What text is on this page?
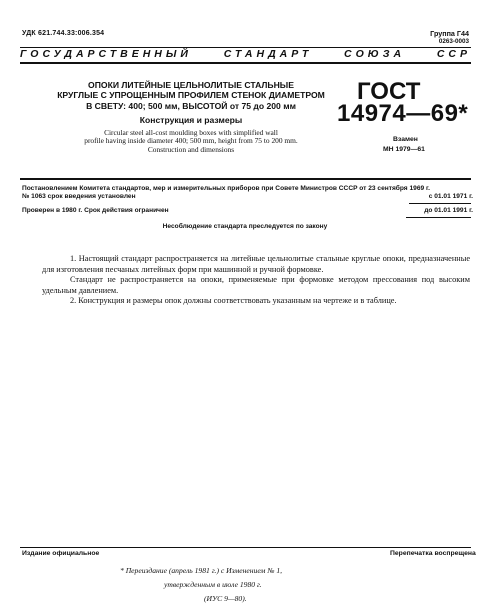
УДК 621.744.33:006.354	Группа Г44
0263-0003
ГОСУДАРСТВЕННЫЙ	СТАНДАРТ	СОЮЗА	ССР
ОПОКИ ЛИТЕЙНЫЕ ЦЕЛЬНОЛИТЫЕ СТАЛЬНЫЕ
КРУГЛЫЕ С УПРОЩЕННЫМ ПРОФИЛЕМ СТЕНОК ДИАМЕТРОМ
В СВЕТУ: 400; 500 мм, ВЫСОТОЙ от 75 до 200 мм
Конструкция и размеры
Circular steel all-cost moulding boxes with simplified wall
profile having inside diameter 400; 500 mm, height from 75 to 200 mm.
Construction and dimensions
ГОСТ
14974—69*
Взамен
МН 1979—61
Постановлением Комитета стандартов, мер и измерительных приборов при Совете Министров СССР от 23 сентября 1969 г.
№ 1063 срок введения установлен	с 01.01 1971 г.
Проверен в 1980 г. Срок действия ограничен	до 01.01 1991 г.
Несоблюдение стандарта преследуется по закону

1. Настоящий стандарт распространяется на литейные цельнолитые стальные круглые опоки, предназначенные для изготовления песчаных литейных форм при машинной и ручной формовке.

Стандарт не распространяется на опоки, применяемые при формовке методом прессования под высоким удельным давлением.

2. Конструкция и размеры опок должны соответствовать указанным на чертеже и в таблице.

Издание официальное	Перепечатка воспрещена
* Переиздание (апрель 1981 г.) с Изменением № 1,
утвержденным в июле 1980 г.
(ИУС 9—80).
